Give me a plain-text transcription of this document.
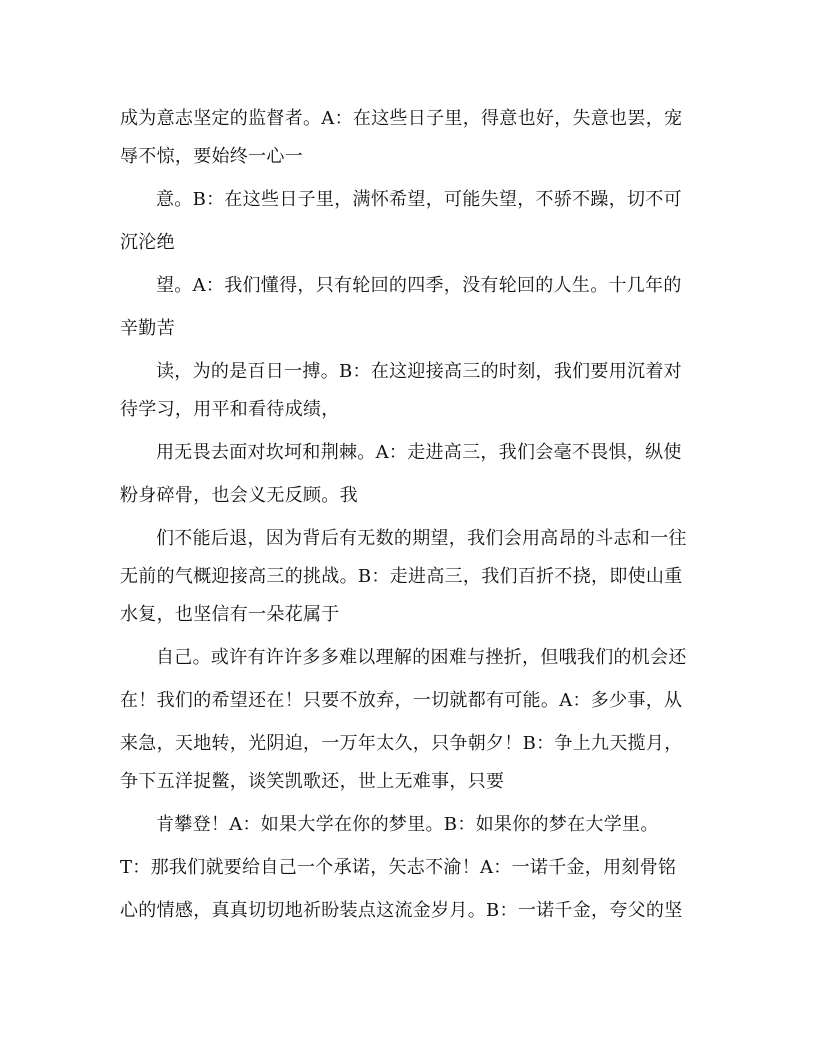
成为意志坚定的监督者。A：在这些日子里，得意也好，失意也罢，宠
辱不惊，要始终一心一
意。B：在这些日子里，满怀希望，可能失望，不骄不躁，切不可
沉沦绝
望。A：我们懂得，只有轮回的四季，没有轮回的人生。十几年的
辛勤苦
读，为的是百日一搏。B：在这迎接高三的时刻，我们要用沉着对
待学习，用平和看待成绩，
用无畏去面对坎坷和荆棘。A：走进高三，我们会毫不畏惧，纵使
粉身碎骨，也会义无反顾。我
们不能后退，因为背后有无数的期望，我们会用高昂的斗志和一往
无前的气概迎接高三的挑战。B：走进高三，我们百折不挠，即使山重
水复，也坚信有一朵花属于
自己。或许有许许多多难以理解的困难与挫折，但哦我们的机会还
在！我们的希望还在！只要不放弃，一切就都有可能。A：多少事，从
来急，天地转，光阴迫，一万年太久，只争朝夕！B：争上九天揽月，
争下五洋捉鳖，谈笑凯歌还，世上无难事，只要
肯攀登！A：如果大学在你的梦里。B：如果你的梦在大学里。
T：那我们就要给自己一个承诺，矢志不渝！A：一诺千金，用刻骨铭
心的情感，真真切切地祈盼装点这流金岁月。B：一诺千金，夸父的坚
